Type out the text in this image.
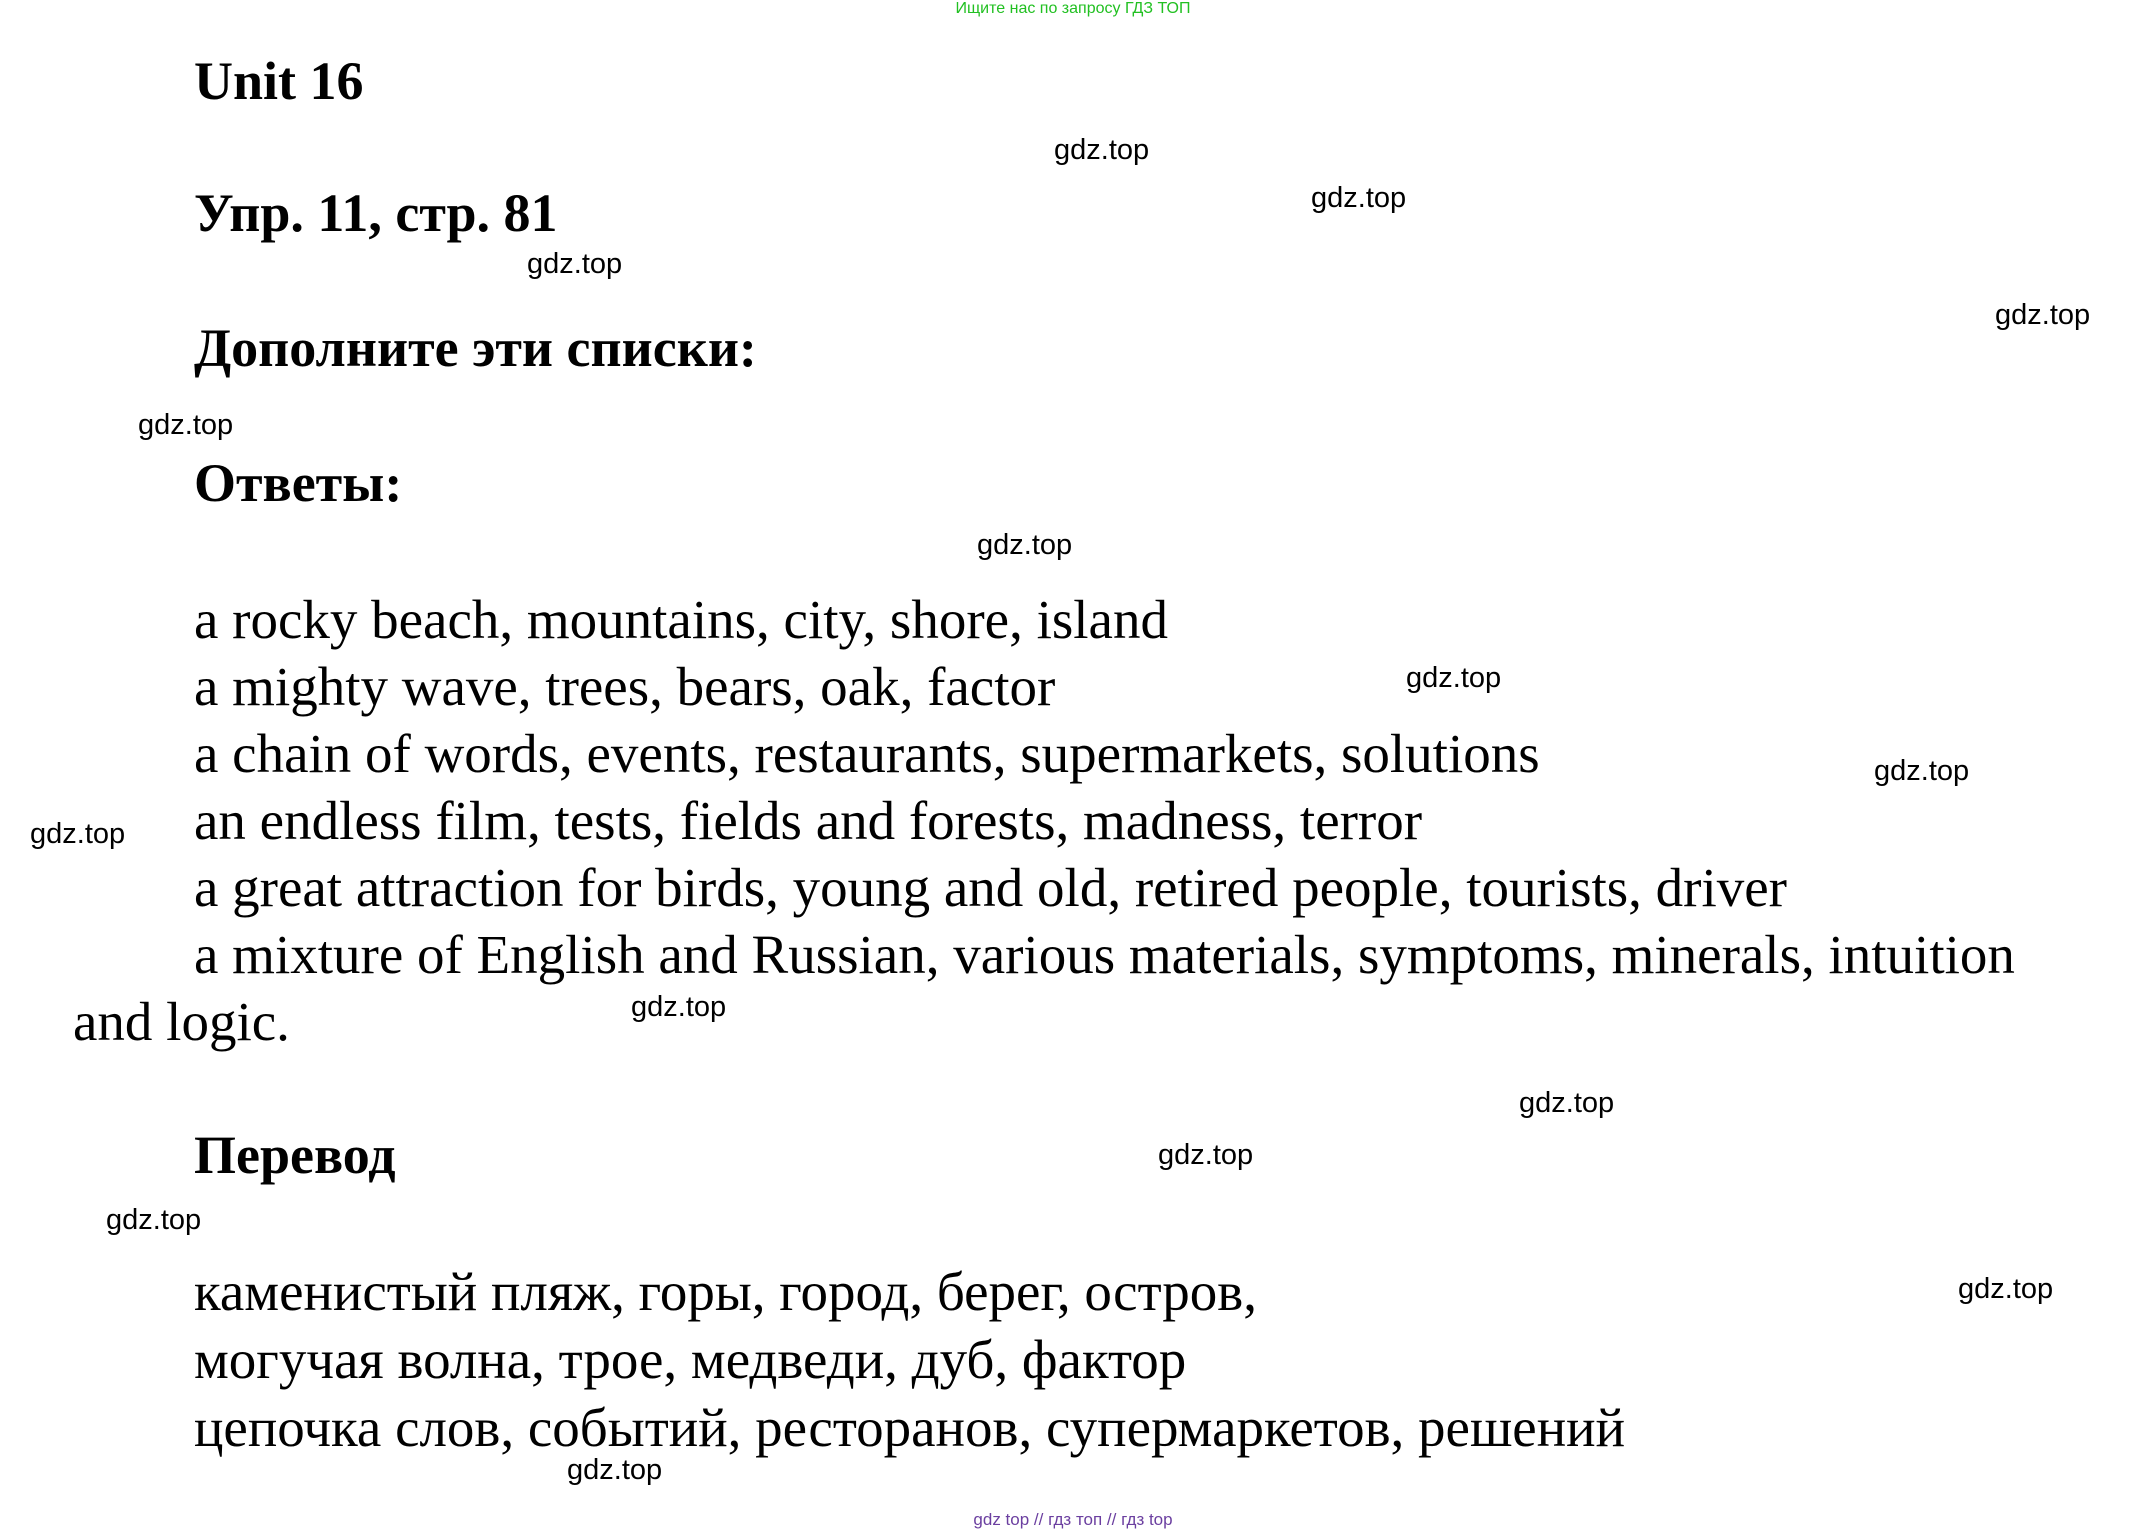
Ищите нас по запросу ГДЗ ТОП
Unit 16
Упр. 11, стр. 81
Дополните эти списки:
Ответы:
a rocky beach, mountains, city, shore, island
a mighty wave, trees, bears, oak, factor
a chain of words, events, restaurants, supermarkets, solutions
an endless film, tests, fields and forests, madness, terror
a great attraction for birds, young and old, retired people, tourists, driver
a mixture of English and Russian, various materials, symptoms, minerals, intuition
and logic.
Перевод
каменистый пляж, горы, город, берег, остров,
могучая волна, трое, медведи, дуб, фактор
цепочка слов, событий, ресторанов, супермаркетов, решений
gdz.top
gdz.top
gdz.top
gdz.top
gdz.top
gdz.top
gdz.top
gdz.top
gdz.top
gdz.top
gdz.top
gdz.top
gdz.top
gdz.top
gdz.top
gdz top // гдз топ // гдз top
